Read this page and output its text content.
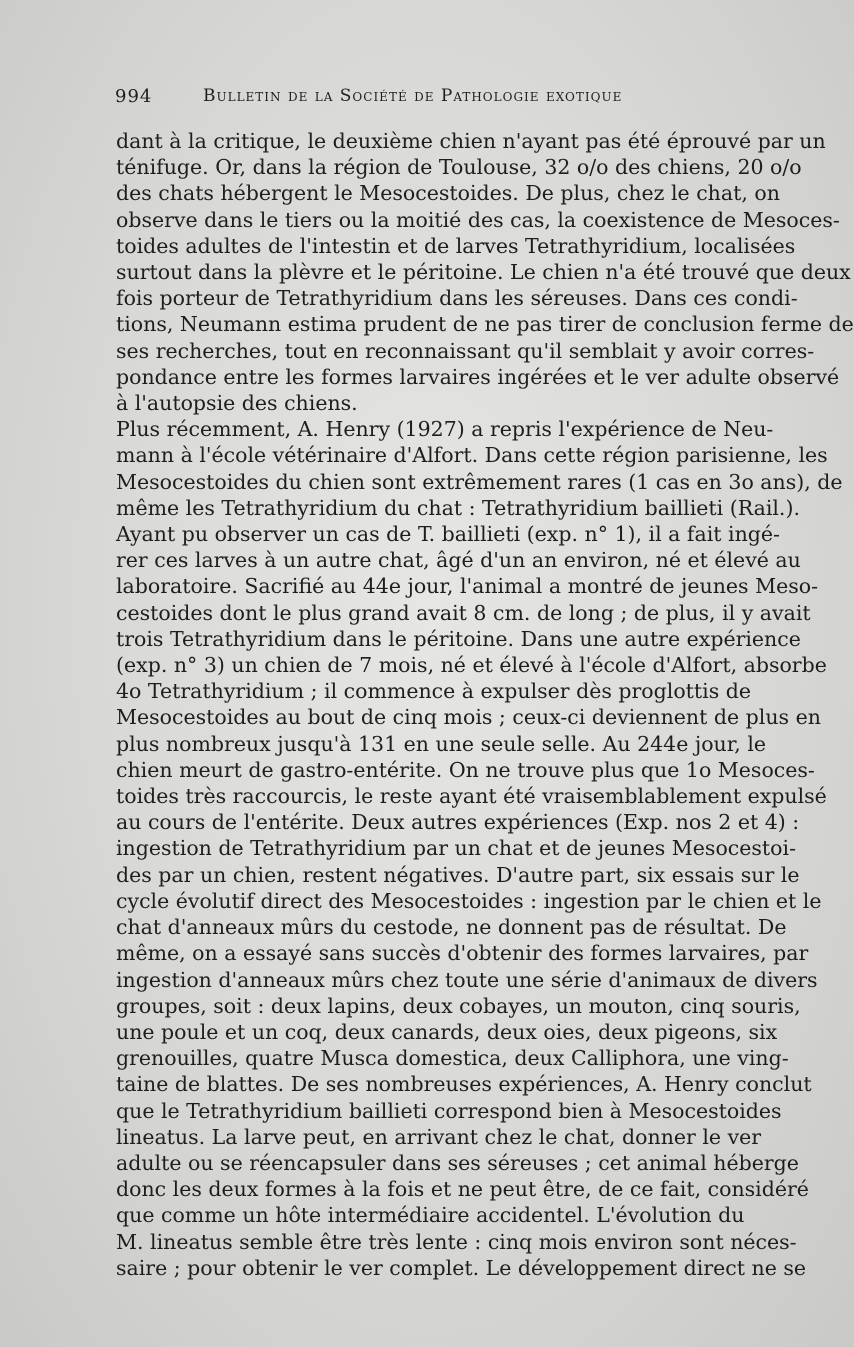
994	Bulletin de la Société de Pathologie exotique
dant à la critique, le deuxième chien n'ayant pas été éprouvé par un
ténifuge. Or, dans la région de Toulouse, 32 o/o des chiens, 20 o/o
des chats hébergent le Mesocestoides. De plus, chez le chat, on
observe dans le tiers ou la moitié des cas, la coexistence de Mesoces-
toides adultes de l'intestin et de larves Tetrathyridium, localisées
surtout dans la plèvre et le péritoine. Le chien n'a été trouvé que deux
fois porteur de Tetrathyridium dans les séreuses. Dans ces condi-
tions, Neumann estima prudent de ne pas tirer de conclusion ferme de
ses recherches, tout en reconnaissant qu'il semblait y avoir corres-
pondance entre les formes larvaires ingérées et le ver adulte observé
à l'autopsie des chiens.
Plus récemment, A. Henry (1927) a repris l'expérience de Neu-
mann à l'école vétérinaire d'Alfort. Dans cette région parisienne, les
Mesocestoides du chien sont extrêmement rares (1 cas en 3o ans), de
même les Tetrathyridium du chat : Tetrathyridium baillieti (Rail.).
Ayant pu observer un cas de T. baillieti (exp. n° 1), il a fait ingé-
rer ces larves à un autre chat, âgé d'un an environ, né et élevé au
laboratoire. Sacrifié au 44e jour, l'animal a montré de jeunes Meso-
cestoides dont le plus grand avait 8 cm. de long ; de plus, il y avait
trois Tetrathyridium dans le péritoine. Dans une autre expérience
(exp. n° 3) un chien de 7 mois, né et élevé à l'école d'Alfort, absorbe
4o Tetrathyridium ; il commence à expulser dès proglottis de
Mesocestoides au bout de cinq mois ; ceux-ci deviennent de plus en
plus nombreux jusqu'à 131 en une seule selle. Au 244e jour, le
chien meurt de gastro-entérite. On ne trouve plus que 1o Mesoces-
toides très raccourcis, le reste ayant été vraisemblablement expulsé
au cours de l'entérite. Deux autres expériences (Exp. nos 2 et 4) :
ingestion de Tetrathyridium par un chat et de jeunes Mesocestoi-
des par un chien, restent négatives. D'autre part, six essais sur le
cycle évolutif direct des Mesocestoides : ingestion par le chien et le
chat d'anneaux mûrs du cestode, ne donnent pas de résultat. De
même, on a essayé sans succès d'obtenir des formes larvaires, par
ingestion d'anneaux mûrs chez toute une série d'animaux de divers
groupes, soit : deux lapins, deux cobayes, un mouton, cinq souris,
une poule et un coq, deux canards, deux oies, deux pigeons, six
grenouilles, quatre Musca domestica, deux Calliphora, une ving-
taine de blattes. De ses nombreuses expériences, A. Henry conclut
que le Tetrathyridium baillieti correspond bien à Mesocestoides
lineatus. La larve peut, en arrivant chez le chat, donner le ver
adulte ou se réencapsuler dans ses séreuses ; cet animal héberge
donc les deux formes à la fois et ne peut être, de ce fait, considéré
que comme un hôte intermédiaire accidentel. L'évolution du
M. lineatus semble être très lente : cinq mois environ sont néces-
saire ; pour obtenir le ver complet. Le développement direct ne se
